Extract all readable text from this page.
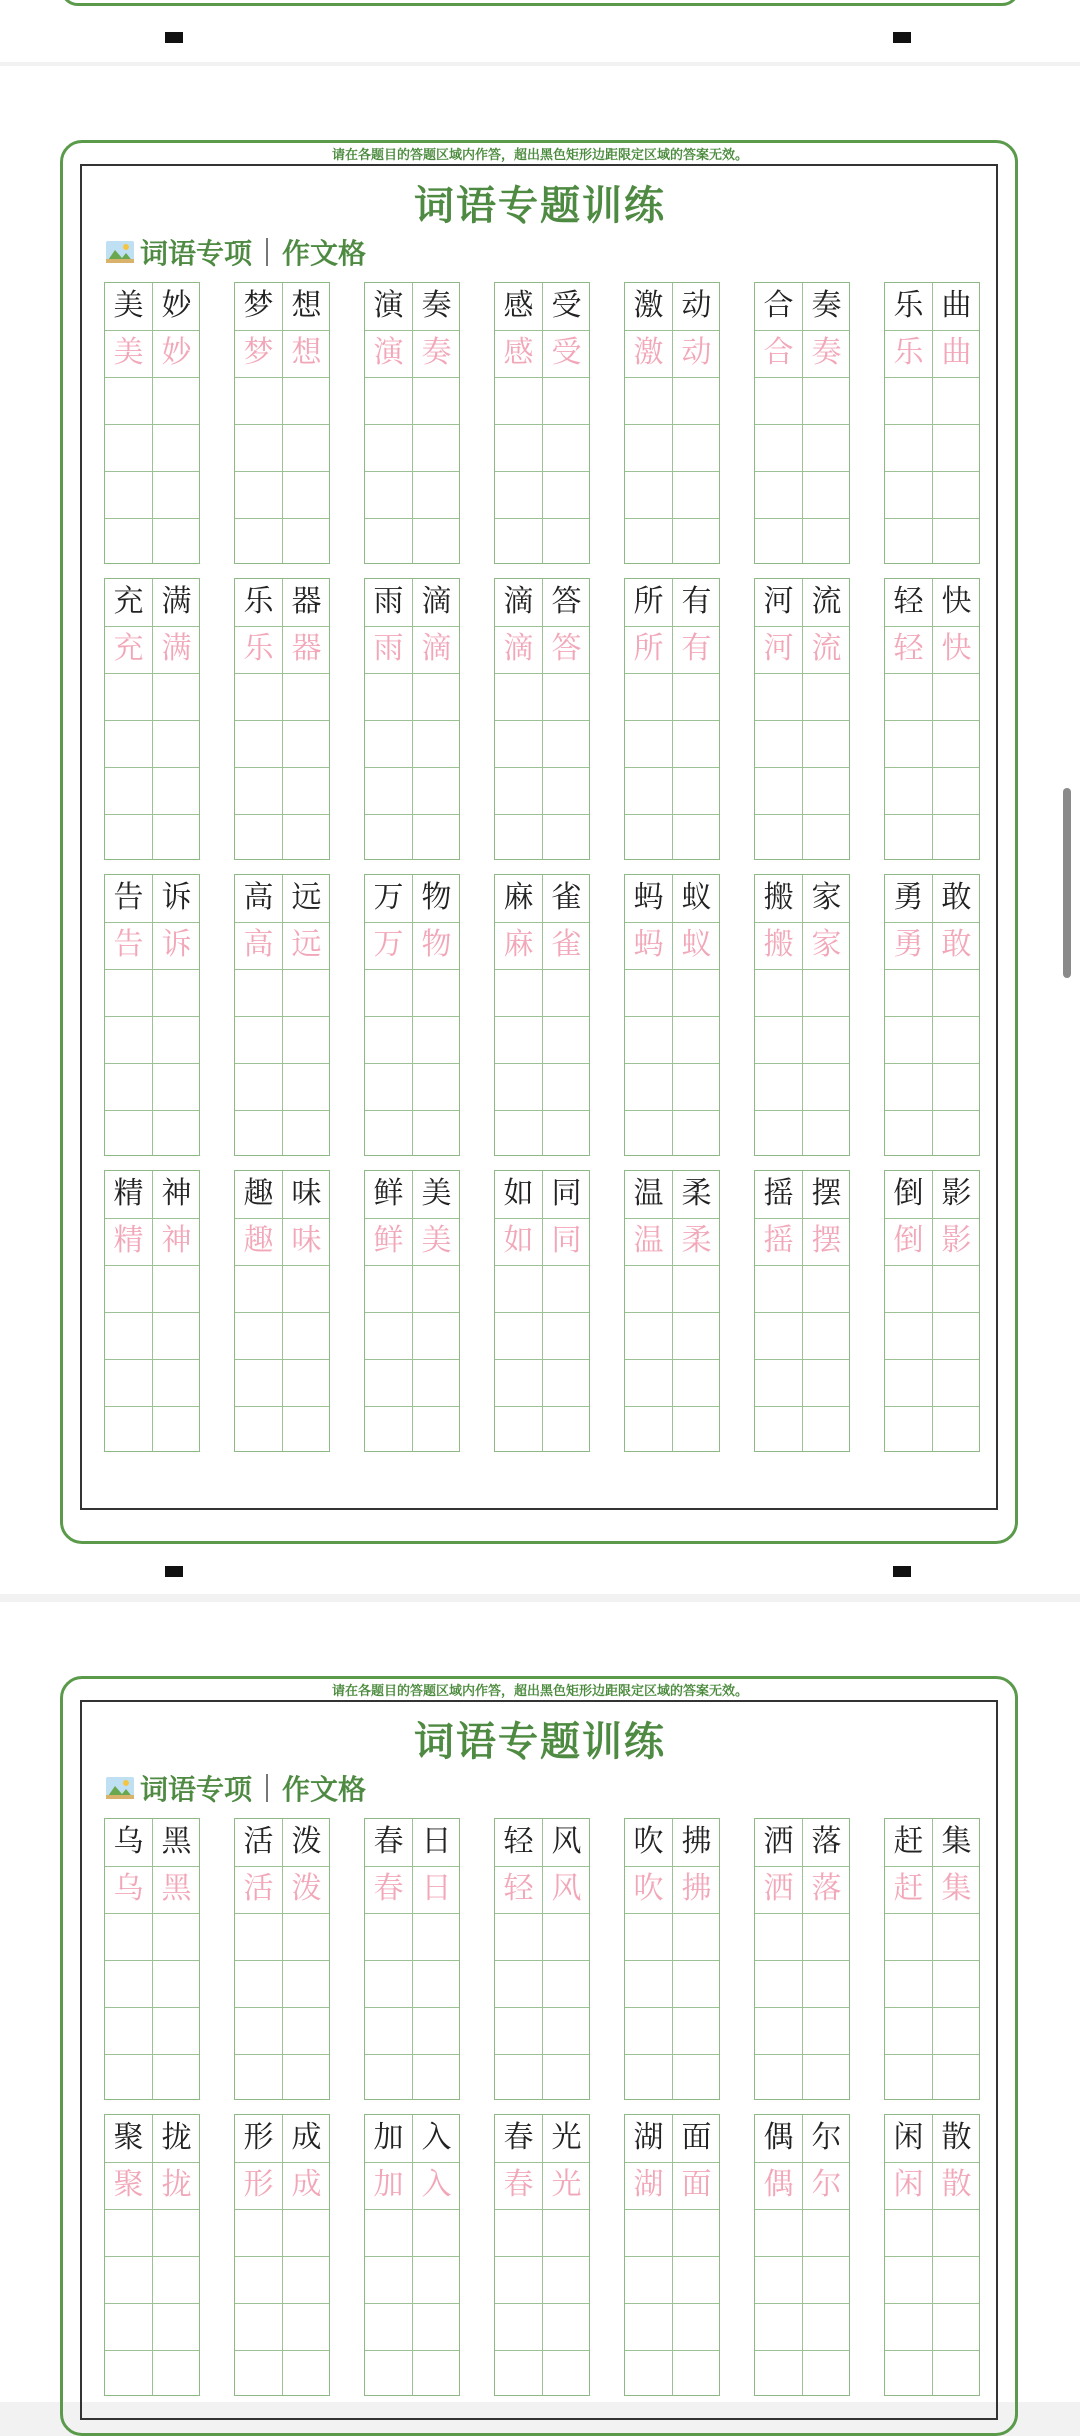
请在各题目的答题区域内作答，超出黑色矩形边距限定区域的答案无效。
词语专题训练
词语专项 作文格
美
美
妙
妙
梦
梦
想
想
演
演
奏
奏
感
感
受
受
激
激
动
动
合
合
奏
奏
乐
乐
曲
曲
充
充
满
满
乐
乐
器
器
雨
雨
滴
滴
滴
滴
答
答
所
所
有
有
河
河
流
流
轻
轻
快
快
告
告
诉
诉
高
高
远
远
万
万
物
物
麻
麻
雀
雀
蚂
蚂
蚁
蚁
搬
搬
家
家
勇
勇
敢
敢
精
精
神
神
趣
趣
味
味
鲜
鲜
美
美
如
如
同
同
温
温
柔
柔
摇
摇
摆
摆
倒
倒
影
影
请在各题目的答题区域内作答，超出黑色矩形边距限定区域的答案无效。
词语专题训练
词语专项 作文格
乌
乌
黑
黑
活
活
泼
泼
春
春
日
日
轻
轻
风
风
吹
吹
拂
拂
洒
洒
落
落
赶
赶
集
集
聚
聚
拢
拢
形
形
成
成
加
加
入
入
春
春
光
光
湖
湖
面
面
偶
偶
尔
尔
闲
闲
散
散
